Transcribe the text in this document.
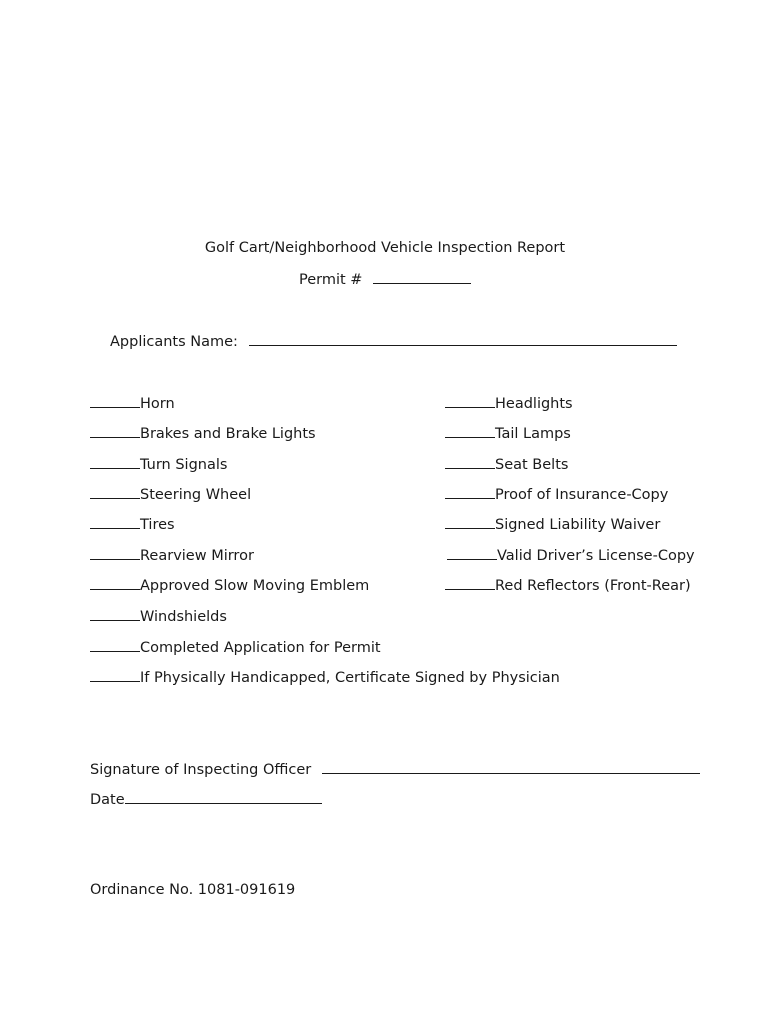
Golf Cart/Neighborhood Vehicle Inspection Report
Permit #
Applicants Name:
Horn
Brakes and Brake Lights
Turn Signals
Steering Wheel
Tires
Rearview Mirror
Approved Slow Moving Emblem
Windshields
Completed Application for Permit
If Physically Handicapped, Certificate Signed by Physician
Headlights
Tail Lamps
Seat Belts
Proof of Insurance-Copy
Signed Liability Waiver
Valid Driver’s License-Copy
Red Reflectors (Front-Rear)
Signature of Inspecting Officer
Date
Ordinance No. 1081-091619
